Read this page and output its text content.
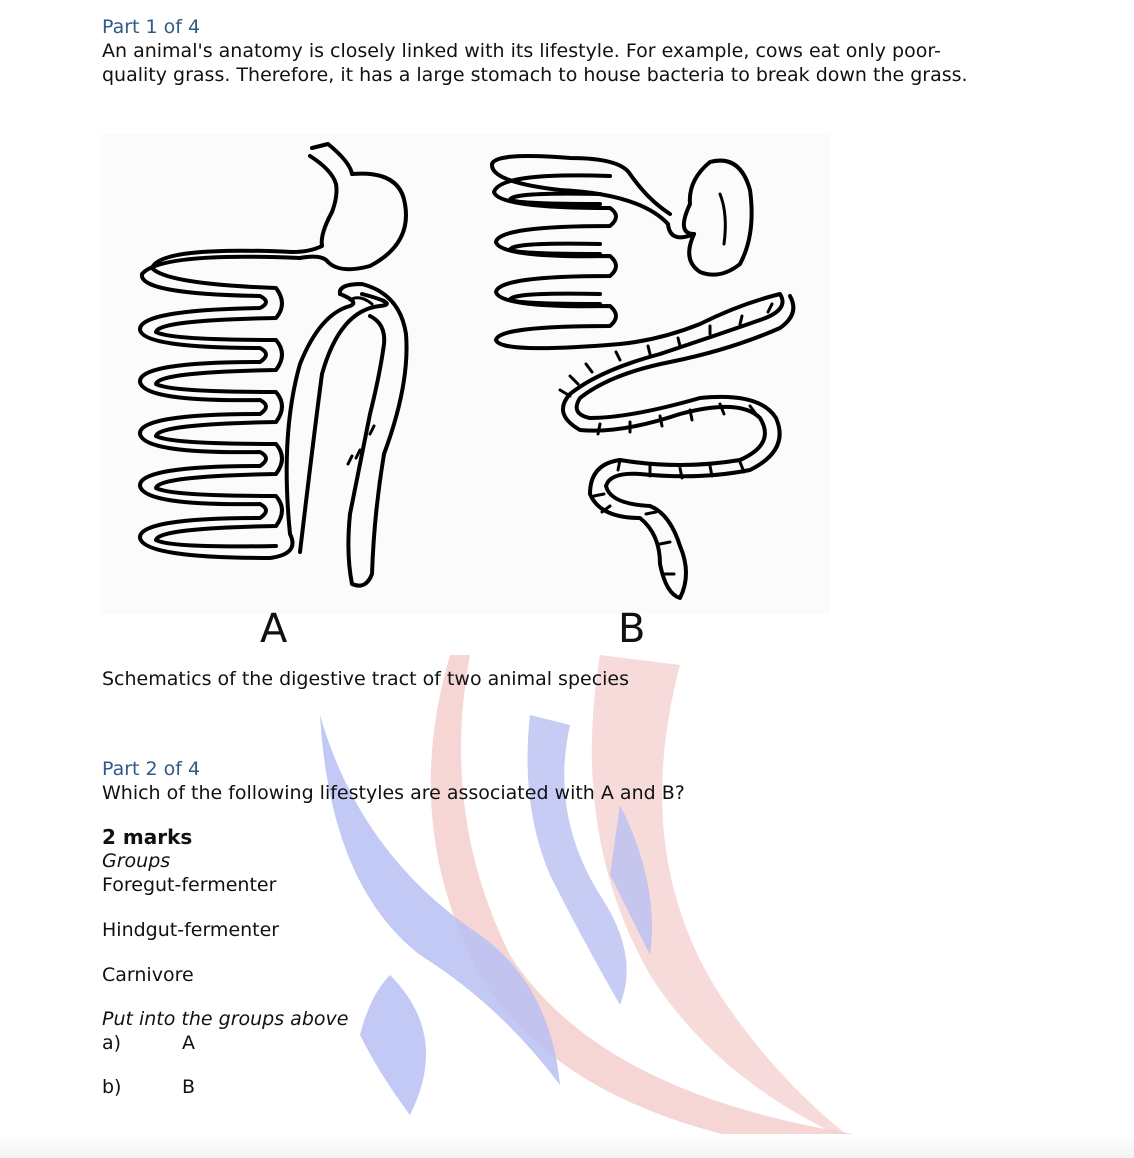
Part 1 of 4

An animal's anatomy is closely linked with its lifestyle. For example, cows eat only poor-quality grass. Therefore, it has a large stomach to house bacteria to break down the grass.

A	B
Schematics of the digestive tract of two animal species

Part 2 of 4

Which of the following lifestyles are associated with A and B?

2 marks

Groups

Foregut-fermenter

Hindgut-fermenter

Carnivore

Put into the groups above

a)	A
b)	B
